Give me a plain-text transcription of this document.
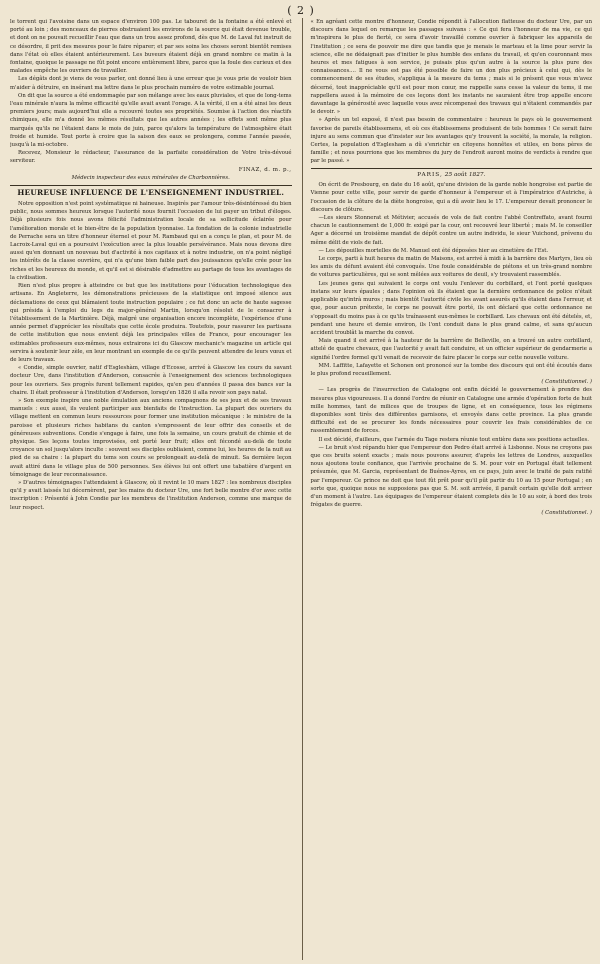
( 2 )

le torrent qui l'avoisine dans un espace d'environ 100 pas. Le tabouret de la fontaine a été enlevé et porté au loin ; des monceaux de pierres obstruaient les environs de la source qui était devenue trouble, et dont on ne pouvait recueillir l'eau que dans un trou assez profond, dès que M. de Laval fut instruit de ce désordre, il prit des mesures pour le faire réparer; et par ses soins les choses seront bientôt remises dans l'état où elles étaient antérieurement. Les buveurs étaient déjà en grand nombre ce matin à la fontaine, quoique le passage ne fût point encore entièrement libre, parce que la foule des curieux et des malades empêche les ouvriers de travailler.

Les dégâts dont je viens de vous parler, ont donné lieu à une erreur que je vous prie de vouloir bien m'aider à détruire, en insérant ma lettre dans le plus prochain numéro de votre estimable journal.

On dit que la source a été endommagée par son mélange avec les eaux pluviales, et que de long-tems l'eau minérale n'aura la même efficacité qu'elle avait avant l'orage. A la vérité, il en a été ainsi les deux premiers jours; mais aujourd'hui elle a recouvré toutes ses propriétés. Soumise à l'action des réactifs chimiques, elle m'a donné les mêmes résultats que les autres années ; les effets sont même plus marqués qu'ils ne l'étaient dans le mois de juin, parce qu'alors la température de l'atmosphère était froide et humide. Tout porte à croire que la saison des eaux se prolongera, comme l'année passée, jusqu'à la mi-octobre.

Recevez, Monsieur le rédacteur, l'assurance de la parfaite considération de Votre très-dévoué serviteur.

FINAZ, d. m. p.,
Médecin inspecteur des eaux minérales de Charbonnières.
HEUREUSE INFLUENCE DE L'ENSEIGNEMENT INDUSTRIEL.

Notre opposition n'est point systématique ni haineuse. Inspirés par l'amour très-désintéressé du bien public, nous sommes heureux lorsque l'autorité nous fournit l'occasion de lui payer un tribut d'éloges. Déjà plusieurs fois nous avons félicité l'administration locale de sa sollicitude éclairée pour l'amélioration morale et le bien-être de la population lyonnaise. La fondation de la colonie industrielle de Perrache sera un titre d'honneur éternel et pour M. Rambaud qui en a conçu le plan, et pour M. de Lacroix-Laval qui en a poursuivi l'exécution avec la plus louable persévérance. Mais nous devons dire aussi qu'en donnant un nouveau but d'activité à nos capitaux et à notre industrie, on n'a point négligé les intérêts de la classe ouvrière, qui n'a qu'une bien faible part des jouissances qu'elle crée pour les riches et les heureux du monde, et qu'il est si désirable d'admettre au partage de tous les avantages de la civilisation.

Rien n'est plus propre à atteindre ce but que les institutions pour l'éducation technologique des artisans. En Angleterre, les démonstrations précieuses de la statistique ont imposé silence aux déclamations de ceux qui blâmaient toute instruction populaire ; ce fut donc un acte de haute sagesse qui présida à l'emploi du legs du major-général Martin, lorsqu'on résolut de le consacrer à l'établissement de la Martinière. Déjà, malgré une organisation encore incomplète, l'expérience d'une année permet d'apprécier les résultats que cette école produira. Toutefois, pour rassurer les partisans de cette institution que nous envient déjà les principales villes de France, pour encourager les estimables professeurs eux-mêmes, nous extrairons ici du Glascow mechanic's magazine un article qui servira à soutenir leur zèle, en leur montrant un exemple de ce qu'ils peuvent attendre de leurs vœux et de leurs travaux.

« Condie, simple ouvrier, natif d'Esgleshàm, village d'Ecosse, arrivé à Glascow les cours du savant docteur Ure, dans l'institution d'Anderson, consacrée à l'enseignement des sciences technologiques pour les ouvriers. Ses progrès furent tellement rapides, qu'en peu d'années il passa des bancs sur la chaire. Il était professeur à l'institution d'Anderson, lorsqu'en 1826 il alla revoir son pays natal.

» Son exemple inspire une noble émulation aux anciens compagnons de ses jeux et de ses travaux manuels : eux aussi, ils veulent participer aux bienfaits de l'instruction. La plupart des ouvriers du village mettent en commun leurs ressources pour former une institution mécanique : le ministre de la paroisse et plusieurs riches habitans du canton s'empressent de leur offrir des conseils et de généreuses subventions. Condie s'engage à faire, une fois la semaine, un cours gratuit de chimie et de physique. Ses leçons toutes improvisées, ont porté leur fruit; elles ont fécondé au-delà de toute croyance un sol jusqu'alors inculte : souvent ses disciples oubliaient, comme lui, les heures de la nuit au pied de sa chaire : la plupart du tems son cours se prolongeait au-delà de minuit. Sa dernière leçon avait attiré dans le village plus de 500 personnes. Ses élèves lui ont offert une tabatière d'argent en témoignage de leur reconnaissance.

» D'autres témoignages l'attendaient à Glascow, où il revint le 10 mars 1827 : les nombreux disciples qu'il y avait laissés lui décernèrent, par les mains du docteur Ure, une fort belle montre d'or avec cette inscription : Présenté à John Condie par les membres de l'institution Anderson, comme une marque de leur respect.

« En agréant cette montre d'honneur, Condie répondit à l'allocution flatteuse du docteur Ure, par un discours dans lequel on remarque les passages suivans : « Ce qui fera l'honneur de ma vie, ce qui m'inspirera le plus de fierté, ce sera d'avoir travaillé comme ouvrier à fabriquer les appareils de l'institution ; ce sera de pouvoir me dire que tandis que je menais le marteau et la lime pour servir la science, elle ne dédaignait pas d'initier le plus humble des enfans du travail, et qu'en couronnant mes heures et mes fatigues à son service, je puisais plus qu'un autre à la source la plus pure des connaissances.... Il ne vous est pas été possible de faire un don plus précieux à celui qui, dès le commencement de ses études, s'appliqua à la mesure du tems ; mais si le présent que vous m'avez décerné, tout inappréciable qu'il est pour mon cœur, me rappelle sans cesse la valeur du tems, il me rappellera aussi à la mémoire de ces leçons dont les instants ne sauraient être trop appelle encore davantage la générosité avec laquelle vous avez récompensé des travaux qui n'étaient commandés par le devoir. »

» Après un tel exposé, il n'est pas besoin de commentaire : heureux le pays où le gouvernement favorise de pareils établissemens, et où ces établissemens produisent de tels hommes ! Ce serait faire injure au sens commun que d'insister sur les avantages qu'y trouvent la société, la morale, la religion. Certes, la population d'Esglesham a dû s'enrichir en citoyens honnêtes et utiles, en bons pères de famille ; et nous pourrions que les membres du jury de l'endroit auront moins de verdicts à rendre que par le passé. »

PARIS, 25 août 1827.

On écrit de Presbourg, en date du 16 août, qu'une division de la garde noble hongroise est partie de Vienne pour cette ville, pour servir de garde d'honneur à l'empereur et à l'impératrice d'Autriche, à l'occasion de la clôture de la diète hongroise, qui a dû avoir lieu le 17. L'empereur devait prononcer le discours de clôture.

—Les sieurs Stonnerat et Métivier, accusés de vols de fait contre l'abbé Contreffato, avant fourni chacun le cautionnement de 1,000 fr. exigé par la cour, ont recouvré leur liberté ; mais M. le conseiller Ager a décerné un troisième mandat de dépôt contre un autre individu, le sieur Vuichond, prévenu du même délit de viols de fait.

— Les dépouilles mortelles de M. Manuel ont été déposées hier au cimetière de l'Est.

Le corps, parti à huit heures du matin de Maisons, est arrivé à midi à la barrière des Martyrs, lieu où les amis du défunt avaient été convoqués. Une foule considérable de piétons et un très-grand nombre de voitures particulières, qui se sont mêlées aux voitures de deuil, s'y trouvaient rassemblés.

Les jeunes gens qui suivaient le corps ont voulu l'enlever du corbillard, et l'ont porté quelques instans sur leurs épaules ; dans l'opinion où ils étaient que la dernière ordonnance de police n'était applicable qu'intrà muros ; mais bientôt l'autorité civile les avant assurés qu'ils étaient dans l'erreur, et que, pour aucun prétexte, le corps ne pouvait être porté, ils ont déclaré que cette ordonnance ne s'opposait du moins pas à ce qu'ils traînassent eux-mêmes le corbillard. Les chevaux ont été dételés, et, pendant une heure et demie environ, ils l'ont conduit dans le plus grand calme, et sans qu'aucun accident troublât la marche du convoi.

Mais quand il est arrivé à la hauteur de la barrière de Belleville, on a trouvé un autre corbillard, attelé de quatre chevaux, que l'autorité y avait fait conduire, et un officier supérieur de gendarmerie a signifié l'ordre formel qu'il venait de recevoir de faire placer le corps sur cette nouvelle voiture.

MM. Laffitte, Lafayette et Schonen ont prononcé sur la tombe des discours qui ont été écoutés dans le plus profond recueillement.

( Constitutionnel. )

— Les progrès de l'insurrection de Catalogne ont enfin décidé le gouvernement à prendre des mesures plus vigoureuses. Il a donné l'ordre de réunir en Catalogne une armée d'opération forte de huit mille hommes, tant de milices que de troupes de ligne, et en conséquence, tous les régimens disponibles sont tirés des différentes garnisons, et envoyés dans cette province. La plus grande difficulté est de se procurer les fonds nécessaires pour couvrir les frais considérables de ce rassemblement de forces.

Il est décidé, d'ailleurs, que l'armée du Tage restera réunie tout entière dans ses positions actuelles.

— Le bruit s'est répandu hier que l'empereur don Pedro était arrivé à Lisbonne. Nous ne croyons pas que ces bruits soient exacts ; mais nous pouvons assurer, d'après les lettres de Londres, auxquelles nous ajoutons toute confiance, que l'arrivée prochaine de S. M. pour voir en Portugal était tellement présumée, que M. Garcia, représentant de Buénos-Ayres, en ce pays, juin avec le traité de paix ratifié par l'empereur. Ce prince ne doit que tout fût prêt pour qu'il pût partir du 10 au 15 pour Portugal ; en sorte que, quoique nous ne supposions pas que S. M. soit arrivée, il paraît certain qu'elle doit arriver d'un moment à l'autre. Les équipages de l'empereur étaient complets dès le 10 au soir, à bord des trois frégates de guerre.

( Constitutionnel. )
